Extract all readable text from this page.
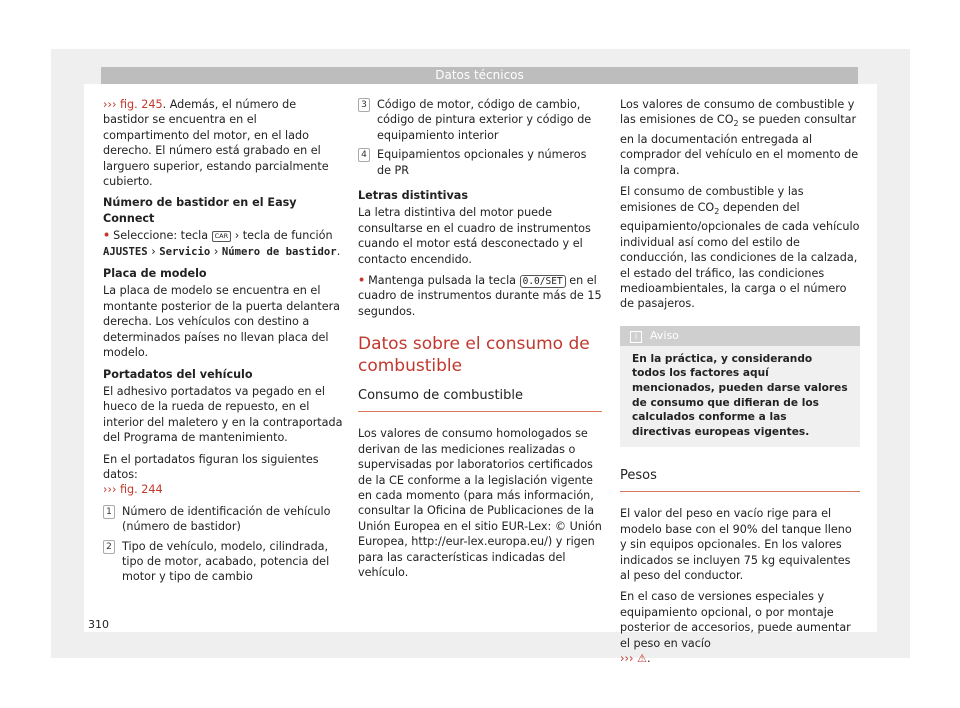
Datos técnicos

››› fig. 245. Además, el número de bastidor se encuentra en el compartimento del motor, en el lado derecho. El número está grabado en el larguero superior, estando parcialmente cubierto.

Número de bastidor en el Easy Connect

• Seleccione: tecla CAR › tecla de función
AJUSTES › Servicio › Número de bastidor.

Placa de modelo

La placa de modelo se encuentra en el montante posterior de la puerta delantera derecha. Los vehículos con destino a determinados países no llevan placa del modelo.

Portadatos del vehículo

El adhesivo portadatos va pegado en el hueco de la rueda de repuesto, en el interior del maletero y en la contraportada del Programa de mantenimiento.

En el portadatos figuran los siguientes datos:
››› fig. 244

1 Número de identificación de vehículo (número de bastidor)
2 Tipo de vehículo, modelo, cilindrada, tipo de motor, acabado, potencia del motor y tipo de cambio
3 Código de motor, código de cambio, código de pintura exterior y código de equipamiento interior
4 Equipamientos opcionales y números de PR

Letras distintivas

La letra distintiva del motor puede consultarse en el cuadro de instrumentos cuando el motor está desconectado y el contacto encendido.

• Mantenga pulsada la tecla 0.0/SET en el cuadro de instrumentos durante más de 15 segundos.

Datos sobre el consumo de combustible
Consumo de combustible

Los valores de consumo homologados se derivan de las mediciones realizadas o supervisadas por laboratorios certificados de la CE conforme a la legislación vigente en cada momento (para más información, consultar la Oficina de Publicaciones de la Unión Europea en el sitio EUR-Lex: © Unión Europea, http://eur-lex.europa.eu/) y rigen para las características indicadas del vehículo.

Los valores de consumo de combustible y las emisiones de $CO_2$ se pueden consultar en la documentación entregada al comprador del vehículo en el momento de la compra.

El consumo de combustible y las emisiones de $CO_2$ dependen del equipamiento/opcionales de cada vehículo individual así como del estilo de conducción, las condiciones de la calzada, el estado del tráfico, las condiciones medioambientales, la carga o el número de pasajeros.

i Aviso
En la práctica, y considerando todos los factores aquí mencionados, pueden darse valores de consumo que difieran de los calculados conforme a las directivas europeas vigentes.
Pesos

El valor del peso en vacío rige para el modelo base con el 90% del tanque lleno y sin equipos opcionales. En los valores indicados se incluyen 75 kg equivalentes al peso del conductor.

En el caso de versiones especiales y equipamiento opcional, o por montaje posterior de accesorios, puede aumentar el peso en vacío
››› ⚠.

310
